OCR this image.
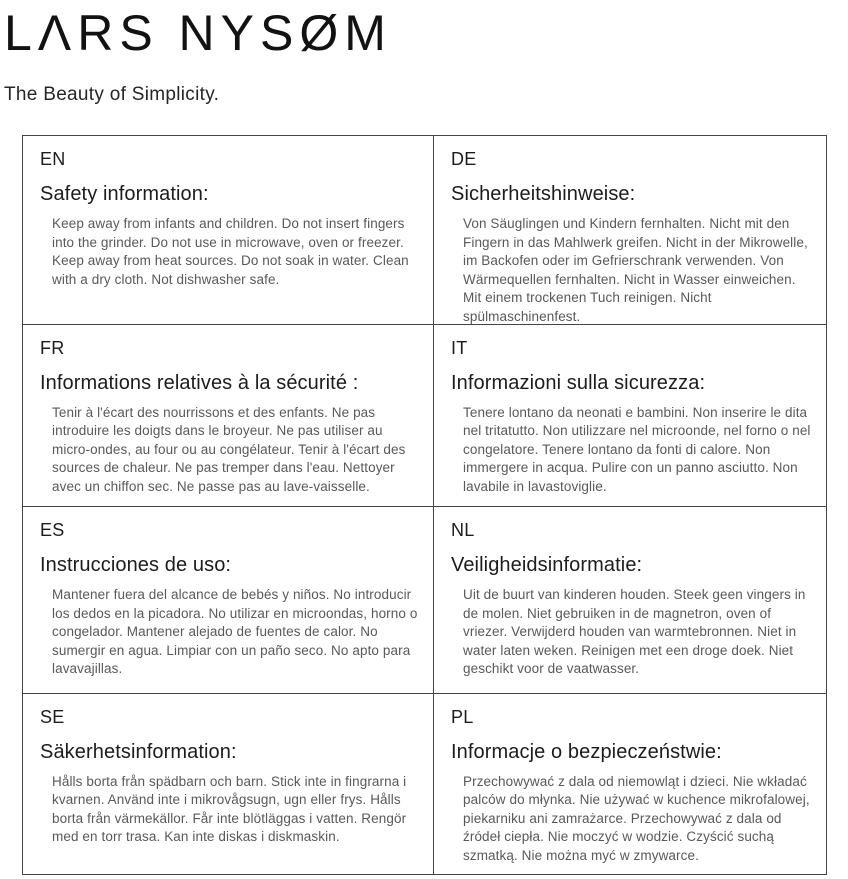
LΛRS NYSØM
The Beauty of Simplicity.
EN
Safety information:

Keep away from infants and children. Do not insert fingers into the grinder. Do not use in microwave, oven or freezer. Keep away from heat sources. Do not soak in water. Clean with a dry cloth. Not dishwasher safe.

DE
Sicherheitshinweise:

Von Säuglingen und Kindern fernhalten. Nicht mit den Fingern in das Mahlwerk greifen. Nicht in der Mikrowelle, im Backofen oder im Gefrierschrank verwenden. Von Wärmequellen fernhalten. Nicht in Wasser einweichen. Mit einem trockenen Tuch reinigen. Nicht spülmaschinenfest.

FR
Informations relatives à la sécurité :

Tenir à l'écart des nourrissons et des enfants. Ne pas introduire les doigts dans le broyeur. Ne pas utiliser au micro-ondes, au four ou au congélateur. Tenir à l'écart des sources de chaleur. Ne pas tremper dans l'eau. Nettoyer avec un chiffon sec. Ne passe pas au lave-vaisselle.

IT
Informazioni sulla sicurezza:

Tenere lontano da neonati e bambini. Non inserire le dita nel tritatutto. Non utilizzare nel microonde, nel forno o nel congelatore. Tenere lontano da fonti di calore. Non immergere in acqua. Pulire con un panno asciutto. Non lavabile in lavastoviglie.

ES
Instrucciones de uso:

Mantener fuera del alcance de bebés y niños. No introducir los dedos en la picadora. No utilizar en microondas, horno o congelador. Mantener alejado de fuentes de calor. No sumergir en agua. Limpiar con un paño seco. No apto para lavavajillas.

NL
Veiligheidsinformatie:

Uit de buurt van kinderen houden. Steek geen vingers in de molen. Niet gebruiken in de magnetron, oven of vriezer. Verwijderd houden van warmtebronnen. Niet in water laten weken. Reinigen met een droge doek. Niet geschikt voor de vaatwasser.

SE
Säkerhetsinformation:

Hålls borta från spädbarn och barn. Stick inte in fingrarna i kvarnen. Använd inte i mikrovågsugn, ugn eller frys. Hålls borta från värmekällor. Får inte blötläggas i vatten. Rengör med en torr trasa. Kan inte diskas i diskmaskin.

PL
Informacje o bezpieczeństwie:

Przechowywać z dala od niemowląt i dzieci. Nie wkładać palców do młynka. Nie używać w kuchence mikrofalowej, piekarniku ani zamrażarce. Przechowywać z dala od źródeł ciepła. Nie moczyć w wodzie. Czyścić suchą szmatką. Nie można myć w zmywarce.
